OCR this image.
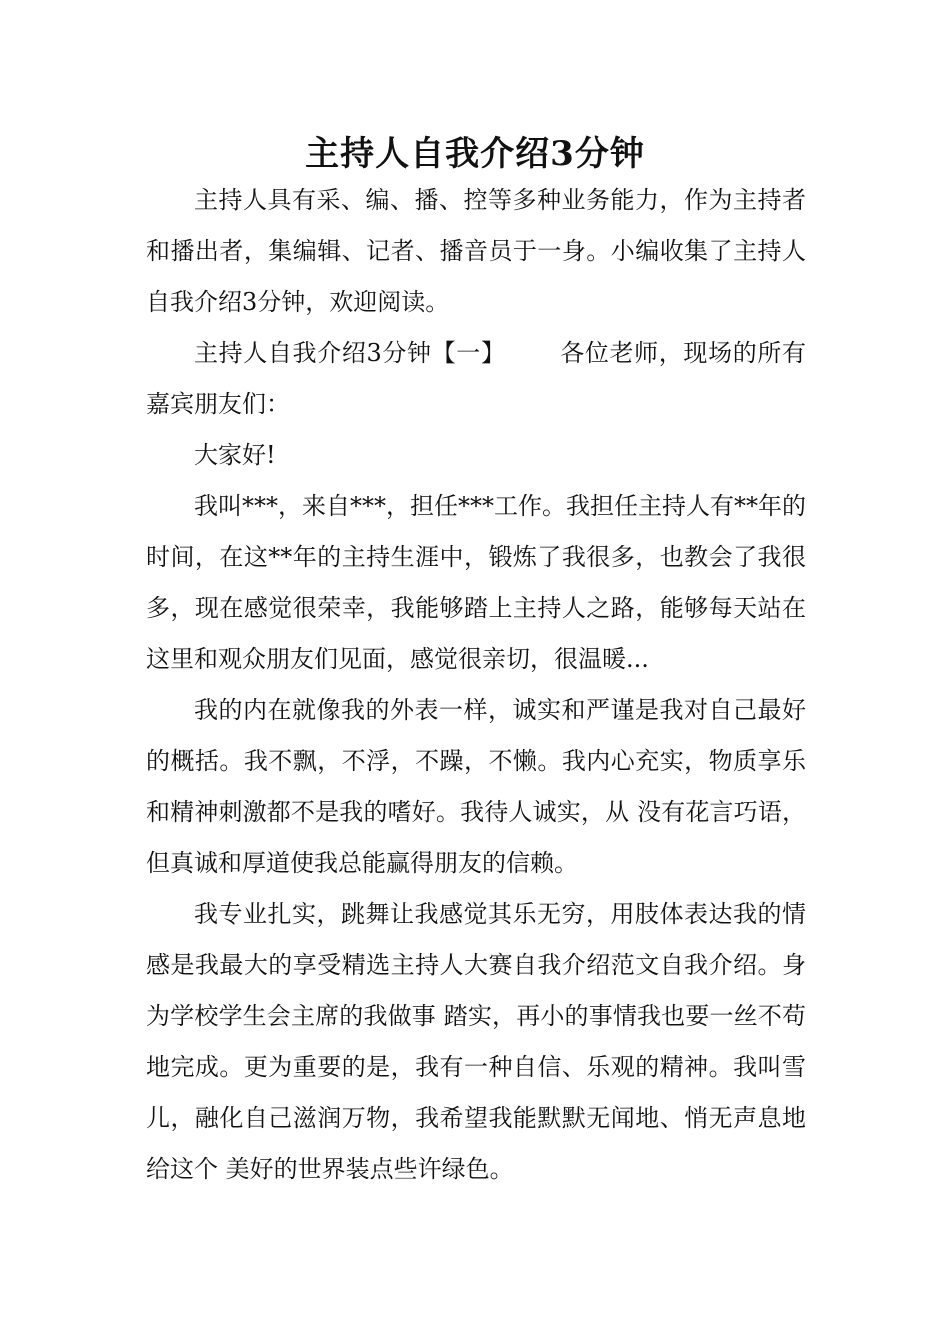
主持人自我介绍3分钟

主持人具有采、编、播、控等多种业务能力，作为主持者和播出者，集编辑、记者、播音员于一身。小编收集了主持人自我介绍3分钟，欢迎阅读。

主持人自我介绍3分钟【一】 各位老师，现场的所有嘉宾朋友们：

大家好!

我叫***，来自***，担任***工作。我担任主持人有**年的时间，在这**年的主持生涯中，锻炼了我很多，也教会了我很多，现在感觉很荣幸，我能够踏上主持人之路，能够每天站在这里和观众朋友们见面，感觉很亲切，很温暖...

我的内在就像我的外表一样，诚实和严谨是我对自己最好的概括。我不飘，不浮，不躁，不懒。我内心充实，物质享乐和精神刺激都不是我的嗜好。我待人诚实，从 没有花言巧语，但真诚和厚道使我总能赢得朋友的信赖。

我专业扎实，跳舞让我感觉其乐无穷，用肢体表达我的情感是我最大的享受精选主持人大赛自我介绍范文自我介绍。身为学校学生会主席的我做事 踏实，再小的事情我也要一丝不苟地完成。更为重要的是，我有一种自信、乐观的精神。我叫雪儿，融化自己滋润万物，我希望我能默默无闻地、悄无声息地给这个 美好的世界装点些许绿色。
